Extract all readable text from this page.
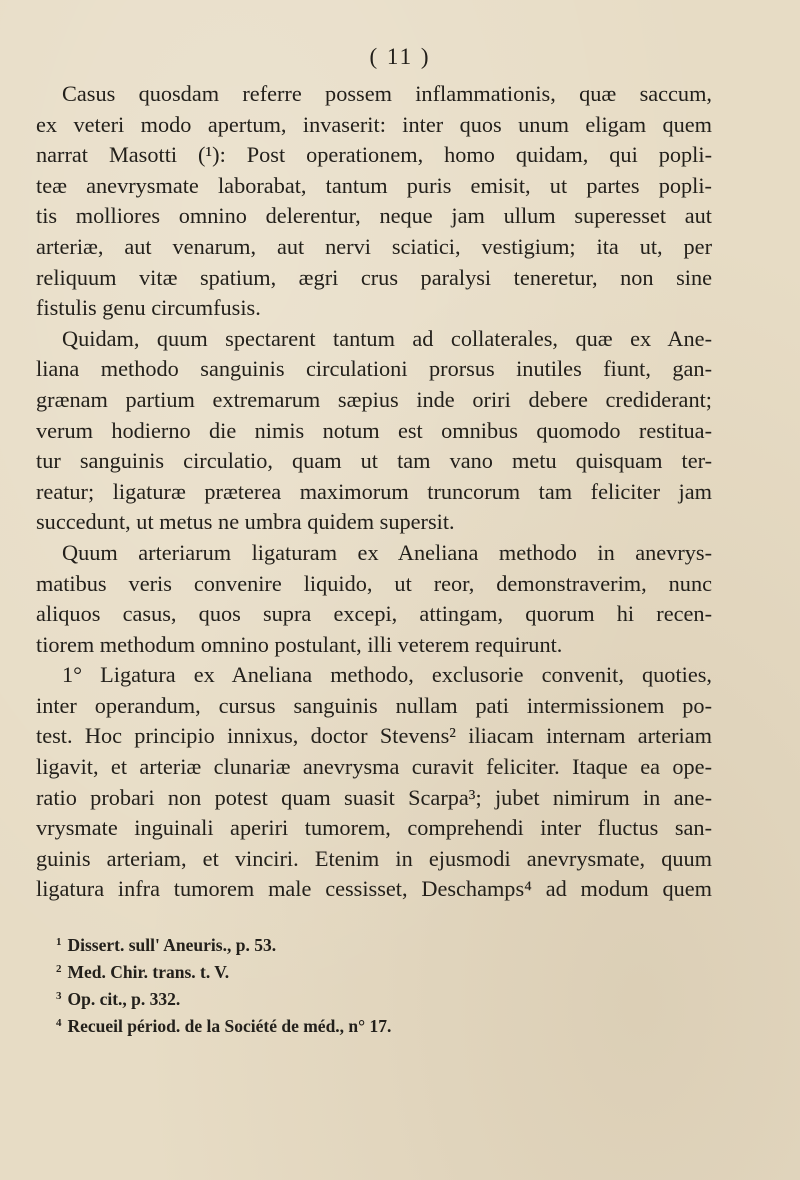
( 11 )
Casus quosdam referre possem inflammationis, quæ saccum,
ex veteri modo apertum, invaserit: inter quos unum eligam quem
narrat Masotti (¹): Post operationem, homo quidam, qui popli-
teæ anevrysmate laborabat, tantum puris emisit, ut partes popli-
tis molliores omnino delerentur, neque jam ullum superesset aut
arteriæ, aut venarum, aut nervi sciatici, vestigium; ita ut, per
reliquum vitæ spatium, ægri crus paralysi teneretur, non sine
fistulis genu circumfusis.
Quidam, quum spectarent tantum ad collaterales, quæ ex Ane-
liana methodo sanguinis circulationi prorsus inutiles fiunt, gan-
grænam partium extremarum sæpius inde oriri debere crediderant;
verum hodierno die nimis notum est omnibus quomodo restitua-
tur sanguinis circulatio, quam ut tam vano metu quisquam ter-
reatur; ligaturæ præterea maximorum truncorum tam feliciter jam
succedunt, ut metus ne umbra quidem supersit.
Quum arteriarum ligaturam ex Aneliana methodo in anevrys-
matibus veris convenire liquido, ut reor, demonstraverim, nunc
aliquos casus, quos supra excepi, attingam, quorum hi recen-
tiorem methodum omnino postulant, illi veterem requirunt.
1° Ligatura ex Aneliana methodo, exclusorie convenit, quoties,
inter operandum, cursus sanguinis nullam pati intermissionem po-
test. Hoc principio innixus, doctor Stevens² iliacam internam arteriam
ligavit, et arteriæ clunariæ anevrysma curavit feliciter. Itaque ea ope-
ratio probari non potest quam suasit Scarpa³; jubet nimirum in ane-
vrysmate inguinali aperiri tumorem, comprehendi inter fluctus san-
guinis arteriam, et vinciri. Etenim in ejusmodi anevrysmate, quum
ligatura infra tumorem male cessisset, Deschamps⁴ ad modum quem
$^1$ Dissert. sull' Aneuris., p. 53.
$^2$ Med. Chir. trans. t. V.
$^3$ Op. cit., p. 332.
$^4$ Recueil périod. de la Société de méd., n° 17.
